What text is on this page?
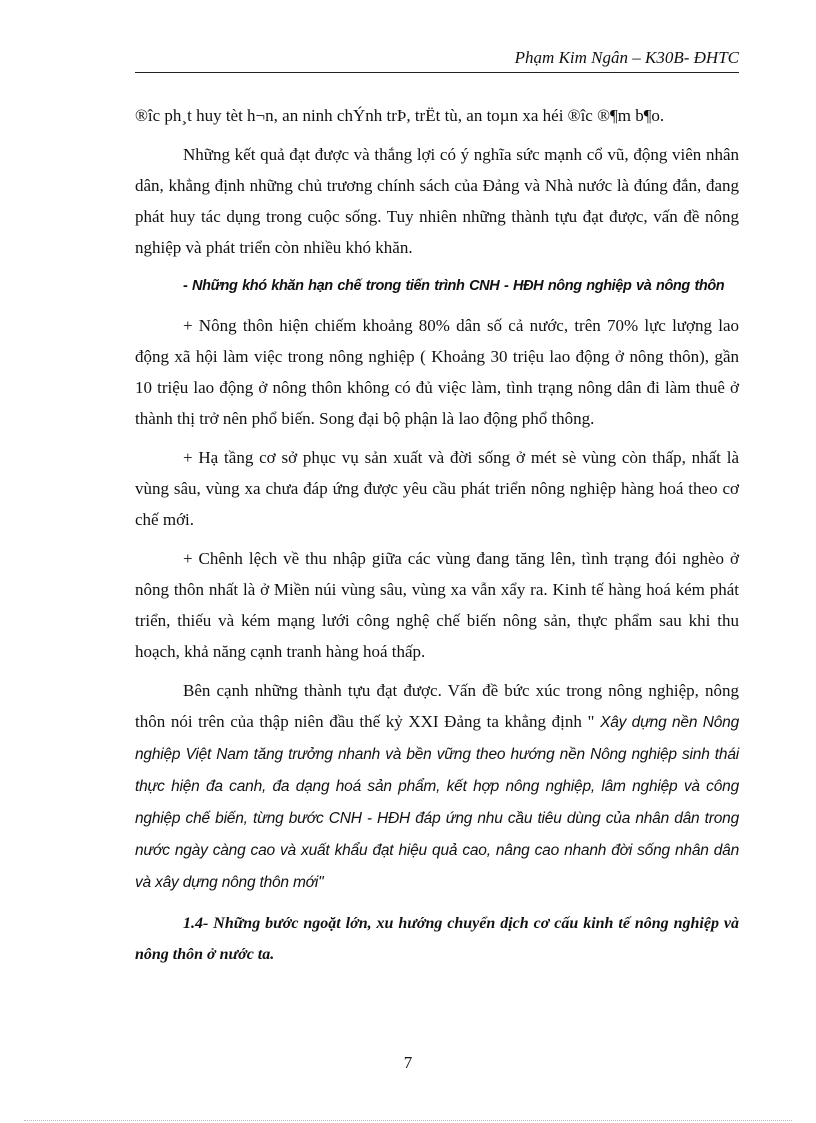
Phạm Kim Ngân – K30B- ĐHTC

®îc ph¸t huy tèt h¬n, an ninh chÝnh trÞ, trËt tù, an toµn xa héi ®îc ®¶m b¶o.

Những kết quả đạt được và thắng lợi có ý nghĩa sức mạnh cổ vũ, động viên nhân dân, khẳng định những chủ trương chính sách của Đảng và Nhà nước là đúng đắn, đang phát huy tác dụng trong cuộc sống. Tuy nhiên những thành tựu đạt được, vấn đề nông nghiệp và phát triển còn nhiều khó khăn.

- Những khó khăn hạn chế trong tiến trình CNH - HĐH nông nghiệp và nông thôn

+ Nông thôn hiện chiếm khoảng 80% dân số cả nước, trên 70% lực lượng lao động xã hội làm việc trong nông nghiệp ( Khoảng 30 triệu lao động ở nông thôn), gần 10 triệu lao động ở nông thôn không có đủ việc làm, tình trạng nông dân đi làm thuê ở thành thị trở nên phổ biến. Song đại bộ phận là lao động phổ thông.

+ Hạ tầng cơ sở phục vụ sản xuất và đời sống ở mét sè vùng còn thấp, nhất là vùng sâu, vùng xa chưa đáp ứng được yêu cầu phát triển nông nghiệp hàng hoá theo cơ chế mới.

+ Chênh lệch về thu nhập giữa các vùng đang tăng lên, tình trạng đói nghèo ở nông thôn nhất là ở Miền núi vùng sâu, vùng xa vẫn xẩy ra. Kinh tế hàng hoá kém phát triển, thiếu và kém mạng lưới công nghệ chế biến nông sản, thực phẩm sau khi thu hoạch, khả năng cạnh tranh hàng hoá thấp.

Bên cạnh những thành tựu đạt được. Vấn đề bức xúc trong nông nghiệp, nông thôn nói trên của thập niên đầu thế kỷ XXI Đảng ta khẳng định " Xây dựng nền Nông nghiệp Việt Nam tăng trưởng nhanh và bền vững theo hướng nền Nông nghiệp sinh thái thực hiện đa canh, đa dạng hoá sản phẩm, kết hợp nông nghiệp, lâm nghiệp và công nghiệp chế biến, từng bước CNH - HĐH đáp ứng nhu cầu tiêu dùng của nhân dân trong nước ngày càng cao và xuất khẩu đạt hiệu quả cao, nâng cao nhanh đời sống nhân dân và xây dựng nông thôn mới"

1.4- Những bước ngoặt lớn, xu hướng chuyển dịch cơ cấu kinh tế nông nghiệp và nông thôn ở nước ta.

7
